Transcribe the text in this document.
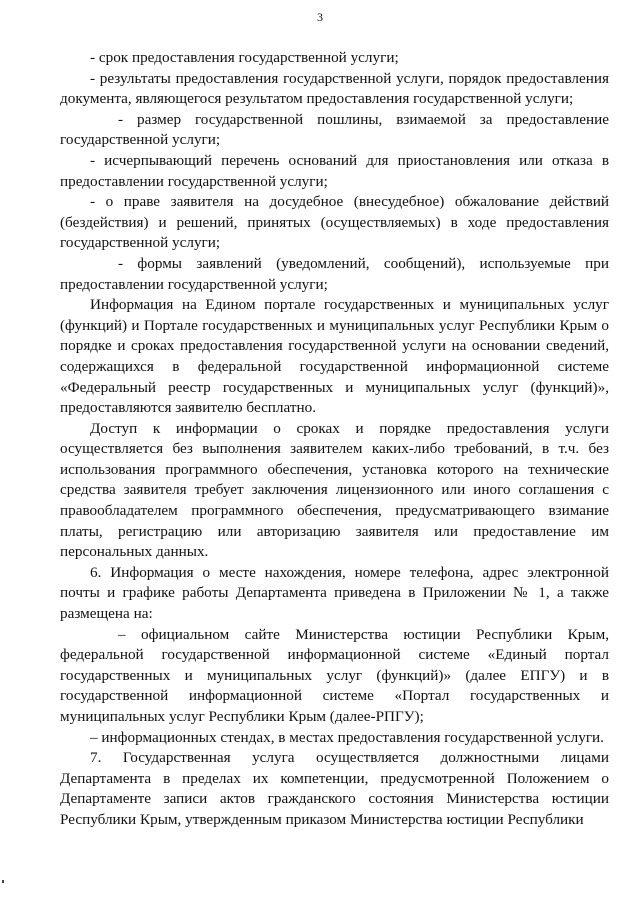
3

- срок предоставления государственной услуги;

- результаты предоставления государственной услуги, порядок предоставления документа, являющегося результатом предоставления государственной услуги;

- размер государственной пошлины, взимаемой за предоставление государственной услуги;

- исчерпывающий перечень оснований для приостановления или отказа в предоставлении государственной услуги;

- о праве заявителя на досудебное (внесудебное) обжалование действий (бездействия) и решений, принятых (осуществляемых) в ходе предоставления государственной услуги;

- формы заявлений (уведомлений, сообщений), используемые при предоставлении государственной услуги;

Информация на Едином портале государственных и муниципальных услуг (функций) и Портале государственных и муниципальных услуг Республики Крым о порядке и сроках предоставления государственной услуги на основании сведений, содержащихся в федеральной государственной информационной системе «Федеральный реестр государственных и муниципальных услуг (функций)», предоставляются заявителю бесплатно.

Доступ к информации о сроках и порядке предоставления услуги осуществляется без выполнения заявителем каких-либо требований, в т.ч. без использования программного обеспечения, установка которого на технические средства заявителя требует заключения лицензионного или иного соглашения с правообладателем программного обеспечения, предусматривающего взимание платы, регистрацию или авторизацию заявителя или предоставление им персональных данных.

6. Информация о месте нахождения, номере телефона, адрес электронной почты и графике работы Департамента приведена в Приложении № 1, а также размещена на:

– официальном сайте Министерства юстиции Республики Крым, федеральной государственной информационной системе «Единый портал государственных и муниципальных услуг (функций)» (далее ЕПГУ) и в государственной информационной системе «Портал государственных и муниципальных услуг Республики Крым (далее-РПГУ);

– информационных стендах, в местах предоставления государственной услуги.

7. Государственная услуга осуществляется должностными лицами Департамента в пределах их компетенции, предусмотренной Положением о Департаменте записи актов гражданского состояния Министерства юстиции Республики Крым, утвержденным приказом Министерства юстиции Республики
